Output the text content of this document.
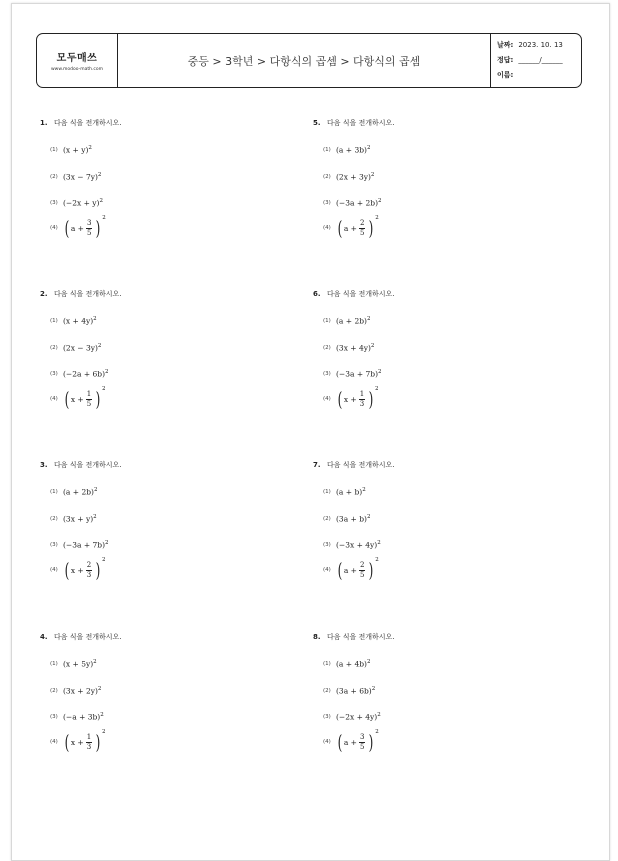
모두매쓰
www.modoo-math.com
중등 > 3학년 > 다항식의 곱셈 > 다항식의 곱셈
날짜: 2023. 10. 13
정답: ______/______
이름:
1. 다음 식을 전개하시오.
(1) $(x + y)^2$
(2) $(3x - 7y)^2$
(3) $(-2x + y)^2$
(4) ( $a + \frac{3}{5}$ ) 2
2. 다음 식을 전개하시오.
(1) $(x + 4y)^2$
(2) $(2x - 3y)^2$
(3) $(-2a + 6b)^2$
(4) ( $x + \frac{1}{5}$ ) 2
3. 다음 식을 전개하시오.
(1) $(a + 2b)^2$
(2) $(3x + y)^2$
(3) $(-3a + 7b)^2$
(4) ( $x + \frac{2}{3}$ ) 2
4. 다음 식을 전개하시오.
(1) $(x + 5y)^2$
(2) $(3x + 2y)^2$
(3) $(-a + 3b)^2$
(4) ( $x + \frac{1}{3}$ ) 2
5. 다음 식을 전개하시오.
(1) $(a + 3b)^2$
(2) $(2x + 3y)^2$
(3) $(-3a + 2b)^2$
(4) ( $a + \frac{2}{5}$ ) 2
6. 다음 식을 전개하시오.
(1) $(a + 2b)^2$
(2) $(3x + 4y)^2$
(3) $(-3a + 7b)^2$
(4) ( $x + \frac{1}{3}$ ) 2
7. 다음 식을 전개하시오.
(1) $(a + b)^2$
(2) $(3a + b)^2$
(3) $(-3x + 4y)^2$
(4) ( $a + \frac{2}{5}$ ) 2
8. 다음 식을 전개하시오.
(1) $(a + 4b)^2$
(2) $(3a + 6b)^2$
(3) $(-2x + 4y)^2$
(4) ( $a + \frac{3}{5}$ ) 2
